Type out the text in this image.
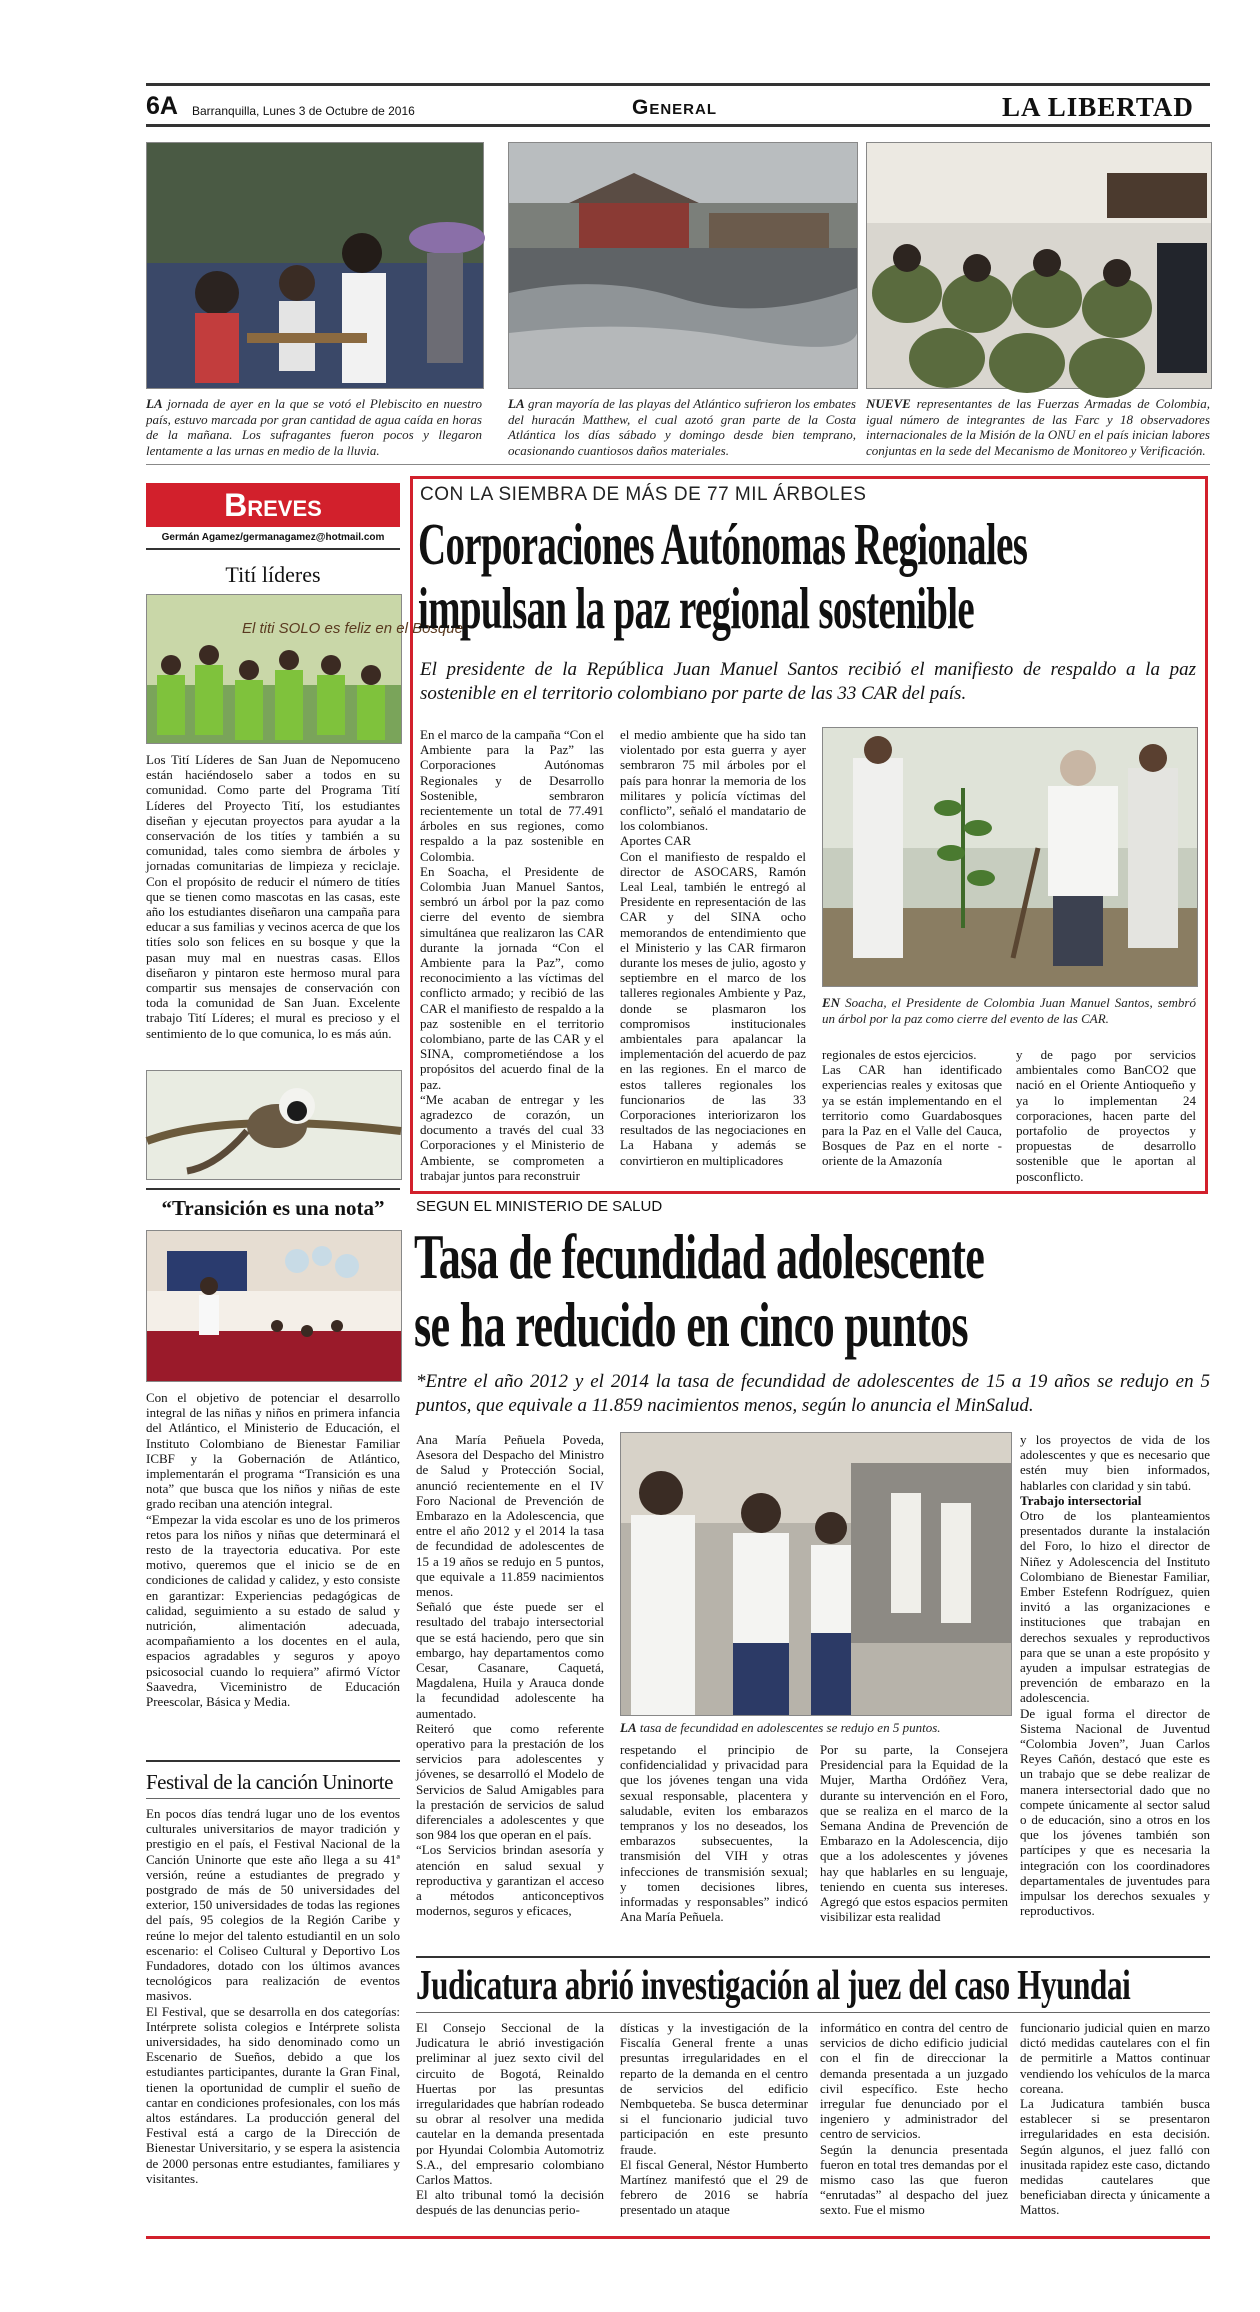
6A Barranquilla, Lunes 3 de Octubre de 2016	General	LA LIBERTAD
LA jornada de ayer en la que se votó el Plebiscito en nuestro país, estuvo marcada por gran cantidad de agua caída en horas de la mañana. Los sufragantes fueron pocos y llegaron lentamente a las urnas en medio de la lluvia.
LA gran mayoría de las playas del Atlántico sufrieron los embates del huracán Matthew, el cual azotó gran parte de la Costa Atlántica los días sábado y domingo desde bien temprano, ocasionando cuantiosos daños materiales.
NUEVE representantes de las Fuerzas Armadas de Colombia, igual número de integrantes de las Farc y 18 observadores internacionales de la Misión de la ONU en el país inician labores conjuntas en la sede del Mecanismo de Monitoreo y Verificación.
Breves
Germán Agamez/germanagamez@hotmail.com
Tití líderes
El titi SOLO es feliz en el Bosque
Los Tití Líderes de San Juan de Nepomuceno están haciéndoselo saber a todos en su comunidad. Como parte del Programa Tití Líderes del Proyecto Tití, los estudiantes diseñan y ejecutan proyectos para ayudar a la conservación de los titíes y también a su comunidad, tales como siembra de árboles y jornadas comunitarias de limpieza y reciclaje. Con el propósito de reducir el número de titíes que se tienen como mascotas en las casas, este año los estudiantes diseñaron una campaña para educar a sus familias y vecinos acerca de que los titíes solo son felices en su bosque y que la pasan muy mal en nuestras casas. Ellos diseñaron y pintaron este hermoso mural para compartir sus mensajes de conservación con toda la comunidad de San Juan. Excelente trabajo Tití Líderes; el mural es precioso y el sentimiento de lo que comunica, lo es más aún.
“Transición es una nota”
Con el objetivo de potenciar el desarrollo integral de las niñas y niños en primera infancia del Atlántico, el Ministerio de Educación, el Instituto Colombiano de Bienestar Familiar ICBF y la Gobernación de Atlántico, implementarán el programa “Transición es una nota” que busca que los niños y niñas de este grado reciban una atención integral.
“Empezar la vida escolar es uno de los primeros retos para los niños y niñas que determinará el resto de la trayectoria educativa. Por este motivo, queremos que el inicio se de en condiciones de calidad y calidez, y esto consiste en garantizar: Experiencias pedagógicas de calidad, seguimiento a su estado de salud y nutrición, alimentación adecuada, acompañamiento a los docentes en el aula, espacios agradables y seguros y apoyo psicosocial cuando lo requiera” afirmó Víctor Saavedra, Viceministro de Educación Preescolar, Básica y Media.
Festival de la canción Uninorte
En pocos días tendrá lugar uno de los eventos culturales universitarios de mayor tradición y prestigio en el país, el Festival Nacional de la Canción Uninorte que este año llega a su 41ª versión, reúne a estudiantes de pregrado y postgrado de más de 50 universidades del exterior, 150 universidades de todas las regiones del país, 95 colegios de la Región Caribe y reúne lo mejor del talento estudiantil en un solo escenario: el Coliseo Cultural y Deportivo Los Fundadores, dotado con los últimos avances tecnológicos para realización de eventos masivos.
El Festival, que se desarrolla en dos categorías: Intérprete solista colegios e Intérprete solista universidades, ha sido denominado como un Escenario de Sueños, debido a que los estudiantes participantes, durante la Gran Final, tienen la oportunidad de cumplir el sueño de cantar en condiciones profesionales, con los más altos estándares. La producción general del Festival está a cargo de la Dirección de Bienestar Universitario, y se espera la asistencia de 2000 personas entre estudiantes, familiares y visitantes.
CON LA SIEMBRA DE MÁS DE 77 MIL ÁRBOLES
Corporaciones Autónomas Regionales
impulsan la paz regional sostenible
El presidente de la República Juan Manuel Santos recibió el manifiesto de respaldo a la paz sostenible en el territorio colombiano por parte de las 33 CAR del país.
En el marco de la campaña “Con el Ambiente para la Paz” las Corporaciones Autónomas Regionales y de Desarrollo Sostenible, sembraron recientemente un total de 77.491 árboles en sus regiones, como respaldo a la paz sostenible en Colombia.
En Soacha, el Presidente de Colombia Juan Manuel Santos, sembró un árbol por la paz como cierre del evento de siembra simultánea que realizaron las CAR durante la jornada “Con el Ambiente para la Paz”, como reconocimiento a las víctimas del conflicto armado; y recibió de las CAR el manifiesto de respaldo a la paz sostenible en el territorio colombiano, parte de las CAR y el SINA, comprometiéndose a los propósitos del acuerdo final de la paz.
“Me acaban de entregar y les agradezco de corazón, un documento a través del cual 33 Corporaciones y el Ministerio de Ambiente, se comprometen a trabajar juntos para reconstruir
el medio ambiente que ha sido tan violentado por esta guerra y ayer sembraron 75 mil árboles por el país para honrar la memoria de los militares y policía víctimas del conflicto”, señaló el mandatario de los colombianos.
Aportes CAR
Con el manifiesto de respaldo el director de ASOCARS, Ramón Leal Leal, también le entregó al Presidente en representación de las CAR y del SINA ocho memorandos de entendimiento que el Ministerio y las CAR firmaron durante los meses de julio, agosto y septiembre en el marco de los talleres regionales Ambiente y Paz, donde se plasmaron los compromisos institucionales ambientales para apalancar la implementación del acuerdo de paz en las regiones. En el marco de estos talleres regionales los funcionarios de las 33 Corporaciones interiorizaron los resultados de las negociaciones en La Habana y además se convirtieron en multiplicadores
EN Soacha, el Presidente de Colombia Juan Manuel Santos, sembró un árbol por la paz como cierre del evento de las CAR.
regionales de estos ejercicios.
Las CAR han identificado experiencias reales y exitosas que ya se están implementando en el territorio como Guardabosques para la Paz en el Valle del Cauca, Bosques de Paz en el norte - oriente de la Amazonía
y de pago por servicios ambientales como BanCO2 que nació en el Oriente Antioqueño y ya lo implementan 24 corporaciones, hacen parte del portafolio de proyectos y propuestas de desarrollo sostenible que le aportan al posconflicto.
SEGUN EL MINISTERIO DE SALUD
Tasa de fecundidad adolescente
se ha reducido en cinco puntos
*Entre el año 2012 y el 2014 la tasa de fecundidad de adolescentes de 15 a 19 años se redujo en 5 puntos, que equivale a 11.859 nacimientos menos, según lo anuncia el MinSalud.
Ana María Peñuela Poveda, Asesora del Despacho del Ministro de Salud y Protección Social, anunció recientemente en el IV Foro Nacional de Prevención de Embarazo en la Adolescencia, que entre el año 2012 y el 2014 la tasa de fecundidad de adolescentes de 15 a 19 años se redujo en 5 puntos, que equivale a 11.859 nacimientos menos.
Señaló que éste puede ser el resultado del trabajo intersectorial que se está haciendo, pero que sin embargo, hay departamentos como Cesar, Casanare, Caquetá, Magdalena, Huila y Arauca donde la fecundidad adolescente ha aumentado.
Reiteró que como referente operativo para la prestación de los servicios para adolescentes y jóvenes, se desarrolló el Modelo de Servicios de Salud Amigables para la prestación de servicios de salud diferenciales a adolescentes y que son 984 los que operan en el país.
“Los Servicios brindan asesoría y atención en salud sexual y reproductiva y garantizan el acceso a métodos anticonceptivos modernos, seguros y eficaces,
LA tasa de fecundidad en adolescentes se redujo en 5 puntos.
respetando el principio de confidencialidad y privacidad para que los jóvenes tengan una vida sexual responsable, placentera y saludable, eviten los embarazos tempranos y los no deseados, los embarazos subsecuentes, la transmisión del VIH y otras infecciones de transmisión sexual; y tomen decisiones libres, informadas y responsables” indicó Ana María Peñuela.
Por su parte, la Consejera Presidencial para la Equidad de la Mujer, Martha Ordóñez Vera, durante su intervención en el Foro, que se realiza en el marco de la Semana Andina de Prevención de Embarazo en la Adolescencia, dijo que a los adolescentes y jóvenes hay que hablarles en su lenguaje, teniendo en cuenta sus intereses. Agregó que estos espacios permiten visibilizar esta realidad
y los proyectos de vida de los adolescentes y que es necesario que estén muy bien informados, hablarles con claridad y sin tabú.
Trabajo intersectorial
Otro de los planteamientos presentados durante la instalación del Foro, lo hizo el director de Niñez y Adolescencia del Instituto Colombiano de Bienestar Familiar, Ember Estefenn Rodríguez, quien invitó a las organizaciones e instituciones que trabajan en derechos sexuales y reproductivos para que se unan a este propósito y ayuden a impulsar estrategias de prevención de embarazo en la adolescencia.
De igual forma el director de Sistema Nacional de Juventud “Colombia Joven”, Juan Carlos Reyes Cañón, destacó que este es un trabajo que se debe realizar de manera intersectorial dado que no compete únicamente al sector salud o de educación, sino a otros en los que los jóvenes también son partícipes y que es necesaria la integración con los coordinadores departamentales de juventudes para impulsar los derechos sexuales y reproductivos.
Judicatura abrió investigación al juez del caso Hyundai
El Consejo Seccional de la Judicatura le abrió investigación preliminar al juez sexto civil del circuito de Bogotá, Reinaldo Huertas por las presuntas irregularidades que habrían rodeado su obrar al resolver una medida cautelar en la demanda presentada por Hyundai Colombia Automotriz S.A., del empresario colombiano Carlos Mattos.
El alto tribunal tomó la decisión después de las denuncias perio-
dísticas y la investigación de la Fiscalía General frente a unas presuntas irregularidades en el reparto de la demanda en el centro de servicios del edificio Nembqueteba. Se busca determinar si el funcionario judicial tuvo participación en este presunto fraude.
El fiscal General, Néstor Humberto Martínez manifestó que el 29 de febrero de 2016 se habría presentado un ataque
informático en contra del centro de servicios de dicho edificio judicial con el fin de direccionar la demanda presentada a un juzgado civil específico. Este hecho irregular fue denunciado por el ingeniero y administrador del centro de servicios.
Según la denuncia presentada fueron en total tres demandas por el mismo caso las que fueron “enrutadas” al despacho del juez sexto. Fue el mismo
funcionario judicial quien en marzo dictó medidas cautelares con el fin de permitirle a Mattos continuar vendiendo los vehículos de la marca coreana.
La Judicatura también busca establecer si se presentaron irregularidades en esta decisión. Según algunos, el juez falló con inusitada rapidez este caso, dictando medidas cautelares que beneficiaban directa y únicamente a Mattos.
